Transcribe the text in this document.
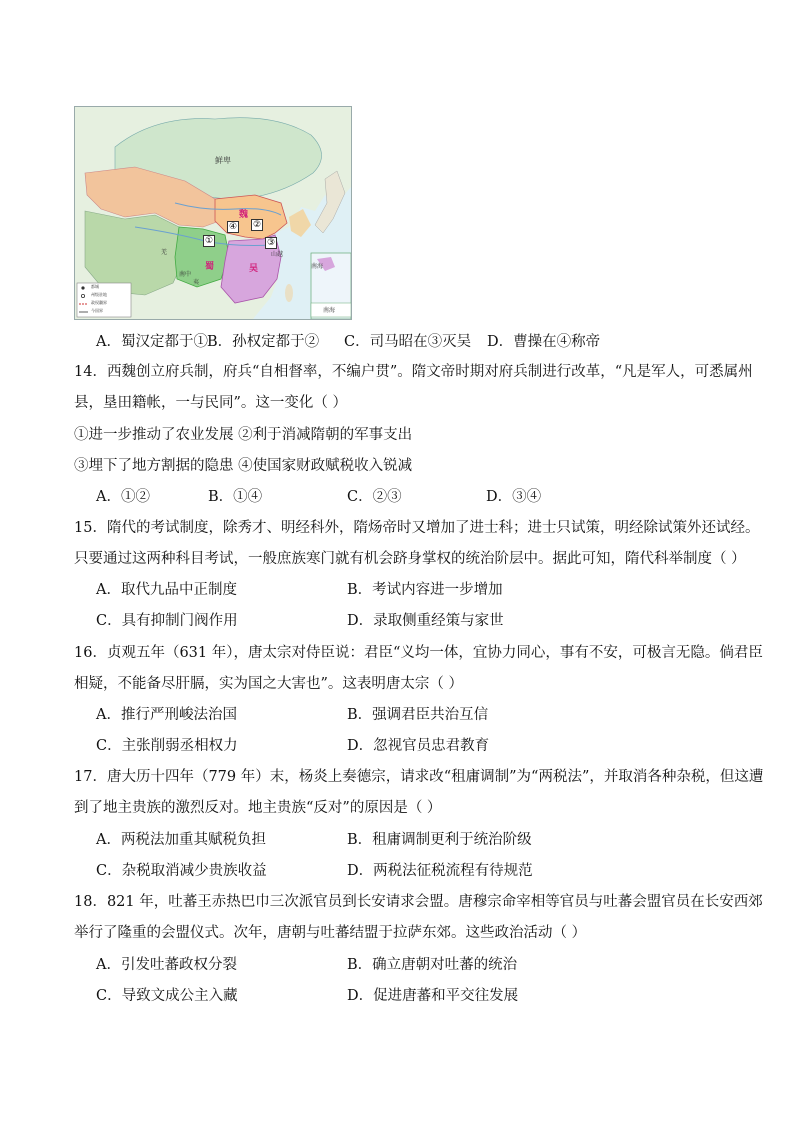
鲜卑
魏
蜀	吴
山越
南中
夷
羌
南海
①
②
③
④
都城
州级驻地
政权疆界
今国界	南海
A．蜀汉定都于① B．孙权定都于② C．司马昭在③灭吴 D．曹操在④称帝
14．西魏创立府兵制，府兵“自相督率，不编户贯”。隋文帝时期对府兵制进行改革，“凡是军人，可悉属州
县，垦田籍帐，一与民同”。这一变化（ ）
①进一步推动了农业发展 ②利于消减隋朝的军事支出
③埋下了地方割据的隐患 ④使国家财政赋税收入锐减
A．①②	B．①④	C．②③	D．③④
15．隋代的考试制度，除秀才、明经科外，隋炀帝时又增加了进士科；进士只试策，明经除试策外还试经。
只要通过这两种科目考试，一般庶族寒门就有机会跻身掌权的统治阶层中。据此可知，隋代科举制度（ ）
A．取代九品中正制度	B．考试内容进一步增加
C．具有抑制门阀作用	D．录取侧重经策与家世
16．贞观五年（631 年），唐太宗对侍臣说：君臣“义均一体，宜协力同心，事有不安，可极言无隐。倘君臣
相疑，不能备尽肝膈，实为国之大害也”。这表明唐太宗（ ）
A．推行严刑峻法治国	B．强调君臣共治互信
C．主张削弱丞相权力	D．忽视官员忠君教育
17．唐大历十四年（779 年）末，杨炎上奏德宗，请求改“租庸调制”为“两税法”，并取消各种杂税，但这遭
到了地主贵族的激烈反对。地主贵族“反对”的原因是（ ）
A．两税法加重其赋税负担	B．租庸调制更利于统治阶级
C．杂税取消减少贵族收益	D．两税法征税流程有待规范
18．821 年，吐蕃王赤热巴巾三次派官员到长安请求会盟。唐穆宗命宰相等官员与吐蕃会盟官员在长安西郊
举行了隆重的会盟仪式。次年，唐朝与吐蕃结盟于拉萨东郊。这些政治活动（ ）
A．引发吐蕃政权分裂	B．确立唐朝对吐蕃的统治
C．导致文成公主入藏	D．促进唐蕃和平交往发展
